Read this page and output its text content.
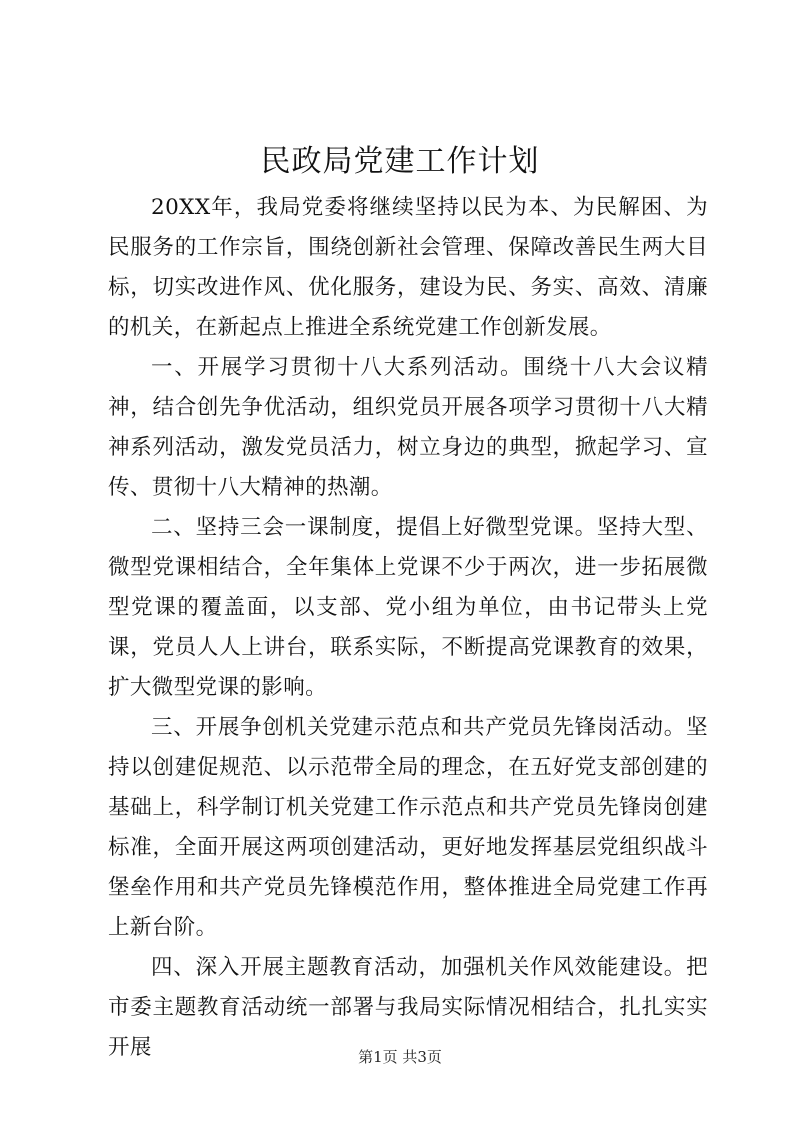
民政局党建工作计划

20XX年，我局党委将继续坚持以民为本、为民解困、为民服务的工作宗旨，围绕创新社会管理、保障改善民生两大目标，切实改进作风、优化服务，建设为民、务实、高效、清廉的机关，在新起点上推进全系统党建工作创新发展。

一、开展学习贯彻十八大系列活动。围绕十八大会议精神，结合创先争优活动，组织党员开展各项学习贯彻十八大精神系列活动，激发党员活力，树立身边的典型，掀起学习、宣传、贯彻十八大精神的热潮。

二、坚持三会一课制度，提倡上好微型党课。坚持大型、微型党课相结合，全年集体上党课不少于两次，进一步拓展微型党课的覆盖面，以支部、党小组为单位，由书记带头上党课，党员人人上讲台，联系实际，不断提高党课教育的效果，扩大微型党课的影响。

三、开展争创机关党建示范点和共产党员先锋岗活动。坚持以创建促规范、以示范带全局的理念，在五好党支部创建的基础上，科学制订机关党建工作示范点和共产党员先锋岗创建标准，全面开展这两项创建活动，更好地发挥基层党组织战斗堡垒作用和共产党员先锋模范作用，整体推进全局党建工作再上新台阶。

四、深入开展主题教育活动，加强机关作风效能建设。把市委主题教育活动统一部署与我局实际情况相结合，扎扎实实开展	第1页 共3页
